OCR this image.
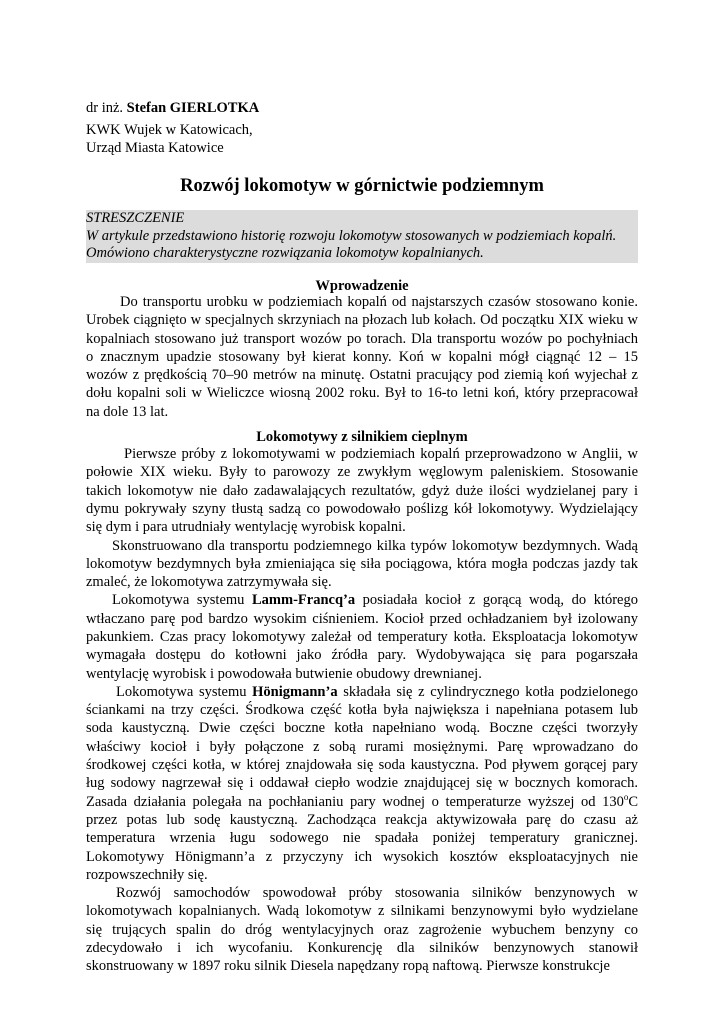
dr inż. Stefan GIERLOTKA
KWK Wujek w Katowicach,
Urząd Miasta Katowice
Rozwój lokomotyw w górnictwie podziemnym
STRESZCZENIE
W artykule przedstawiono historię rozwoju lokomotyw stosowanych w podziemiach kopalń.
Omówiono charakterystyczne rozwiązania lokomotyw kopalnianych.
Wprowadzenie
Do transportu urobku w podziemiach kopalń od najstarszych czasów stosowano konie.
Urobek ciągnięto w specjalnych skrzyniach na płozach lub kołach. Od początku XIX wieku w
kopalniach stosowano już transport wozów po torach. Dla transportu wozów po pochyłniach
o znacznym upadzie stosowany był kierat konny. Koń w kopalni mógł ciągnąć 12 – 15
wozów z prędkością 70–90 metrów na minutę. Ostatni pracujący pod ziemią koń wyjechał z
dołu kopalni soli w Wieliczce wiosną 2002 roku. Był to 16-to letni koń, który przepracował
na dole 13 lat.
Lokomotywy z silnikiem cieplnym
Pierwsze próby z lokomotywami w podziemiach kopalń przeprowadzono w Anglii, w
połowie XIX wieku. Były to parowozy ze zwykłym węglowym paleniskiem. Stosowanie
takich lokomotyw nie dało zadawalających rezultatów, gdyż duże ilości wydzielanej pary i
dymu pokrywały szyny tłustą sadzą co powodowało poślizg kół lokomotywy. Wydzielający
się dym i para utrudniały wentylację wyrobisk kopalni.
Skonstruowano dla transportu podziemnego kilka typów lokomotyw bezdymnych. Wadą
lokomotyw bezdymnych była zmieniająca się siła pociągowa, która mogła podczas jazdy tak
zmaleć, że lokomotywa zatrzymywała się.
Lokomotywa systemu Lamm-Francq’a posiadała kocioł z gorącą wodą, do którego
wtłaczano parę pod bardzo wysokim ciśnieniem. Kocioł przed ochładzaniem był izolowany
pakunkiem. Czas pracy lokomotywy zależał od temperatury kotła. Eksploatacja lokomotyw
wymagała dostępu do kotłowni jako źródła pary. Wydobywająca się para pogarszała
wentylację wyrobisk i powodowała butwienie obudowy drewnianej.
Lokomotywa systemu Hönigmann’a składała się z cylindrycznego kotła podzielonego
ściankami na trzy części. Środkowa część kotła była największa i napełniana potasem lub
soda kaustyczną. Dwie części boczne kotła napełniano wodą. Boczne części tworzyły
właściwy kocioł i były połączone z sobą rurami mosiężnymi. Parę wprowadzano do
środkowej części kotła, w której znajdowała się soda kaustyczna. Pod pływem gorącej pary
ług sodowy nagrzewał się i oddawał ciepło wodzie znajdującej się w bocznych komorach.
Zasada działania polegała na pochłanianiu pary wodnej o temperaturze wyższej od 130$^o$C
przez potas lub sodę kaustyczną. Zachodząca reakcja aktywizowała parę do czasu aż
temperatura wrzenia ługu sodowego nie spadała poniżej temperatury granicznej.
Lokomotywy Hönigmann’a z przyczyny ich wysokich kosztów eksploatacyjnych nie
rozpowszechniły się.
Rozwój samochodów spowodował próby stosowania silników benzynowych w
lokomotywach kopalnianych. Wadą lokomotyw z silnikami benzynowymi było wydzielane
się trujących spalin do dróg wentylacyjnych oraz zagrożenie wybuchem benzyny co
zdecydowało i ich wycofaniu. Konkurencję dla silników benzynowych stanowił
skonstruowany w 1897 roku silnik Diesela napędzany ropą naftową. Pierwsze konstrukcje
